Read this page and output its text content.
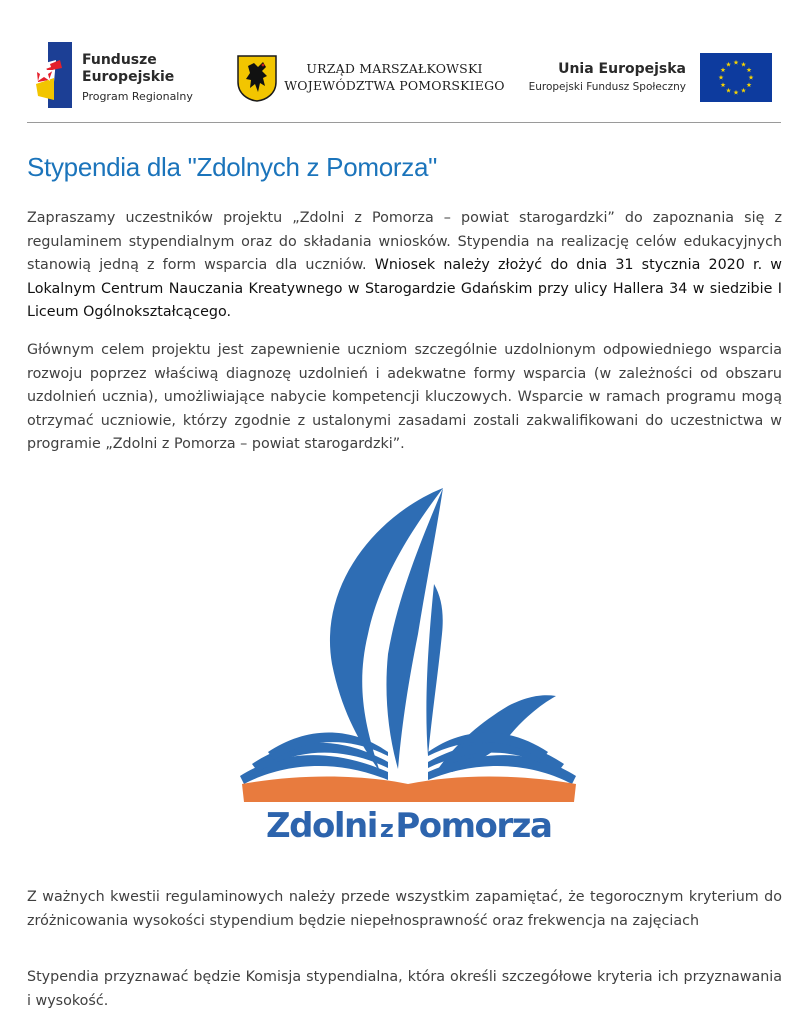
Fundusze
Europejskie
Program Regionalny
URZĄD MARSZAŁKOWSKI
WOJEWÓDZTWA POMORSKIEGO
Unia Europejska
Europejski Fundusz Społeczny
Stypendia dla "Zdolnych z Pomorza"

Zapraszamy uczestników projektu „Zdolni z Pomorza – powiat starogardzki” do zapoznania się z regulaminem stypendialnym oraz do składania wniosków. Stypendia na realizację celów edukacyjnych stanowią jedną z form wsparcia dla uczniów. Wniosek należy złożyć do dnia 31 stycznia 2020 r. w Lokalnym Centrum Nauczania Kreatywnego w Starogardzie Gdańskim przy ulicy Hallera 34 w siedzibie I Liceum Ogólnokształcącego.

Głównym celem projektu jest zapewnienie uczniom szczególnie uzdolnionym odpowiedniego wsparcia rozwoju poprzez właściwą diagnozę uzdolnień i adekwatne formy wsparcia (w zależności od obszaru uzdolnień ucznia), umożliwiające nabycie kompetencji kluczowych. Wsparcie w ramach programu mogą otrzymać uczniowie, którzy zgodnie z ustalonymi zasadami zostali zakwalifikowani do uczestnictwa w programie „Zdolni z Pomorza – powiat starogardzki”.

Zdolni zPomorza

Z ważnych kwestii regulaminowych należy przede wszystkim zapamiętać, że tegorocznym kryterium do zróżnicowania wysokości stypendium będzie niepełnosprawność oraz frekwencja na zajęciach

Stypendia przyznawać będzie Komisja stypendialna, która określi szczegółowe kryteria ich przyznawania i wysokość.
